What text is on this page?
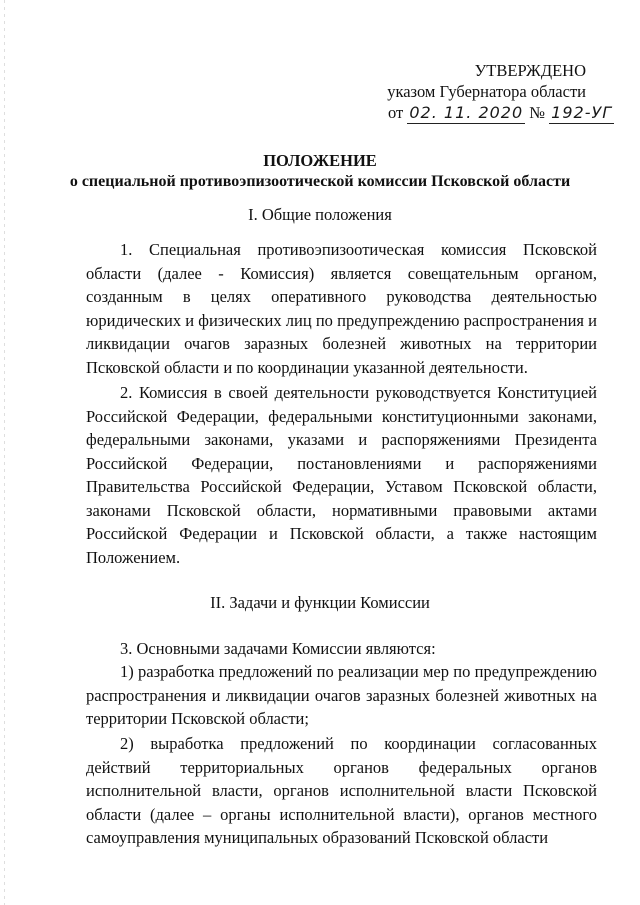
УТВЕРЖДЕНО
указом Губернатора области
от 02. 11. 2020 № 192-УГ
ПОЛОЖЕНИЕ
о специальной противоэпизоотической комиссии Псковской области
I. Общие положения

1. Специальная противоэпизоотическая комиссия Псковской области (далее - Комиссия) является совещательным органом, созданным в целях оперативного руководства деятельностью юридических и физических лиц по предупреждению распространения и ликвидации очагов заразных болезней животных на территории Псковской области и по координации указанной деятельности.

2. Комиссия в своей деятельности руководствуется Конституцией Российской Федерации, федеральными конституционными законами, федеральными законами, указами и распоряжениями Президента Российской Федерации, постановлениями и распоряжениями Правительства Российской Федерации, Уставом Псковской области, законами Псковской области, нормативными правовыми актами Российской Федерации и Псковской области, а также настоящим Положением.

II. Задачи и функции Комиссии

3. Основными задачами Комиссии являются:

1) разработка предложений по реализации мер по предупреждению распространения и ликвидации очагов заразных болезней животных на территории Псковской области;

2) выработка предложений по координации согласованных действий территориальных органов федеральных органов исполнительной власти, органов исполнительной власти Псковской области (далее – органы исполнительной власти), органов местного самоуправления муниципальных образований Псковской области
